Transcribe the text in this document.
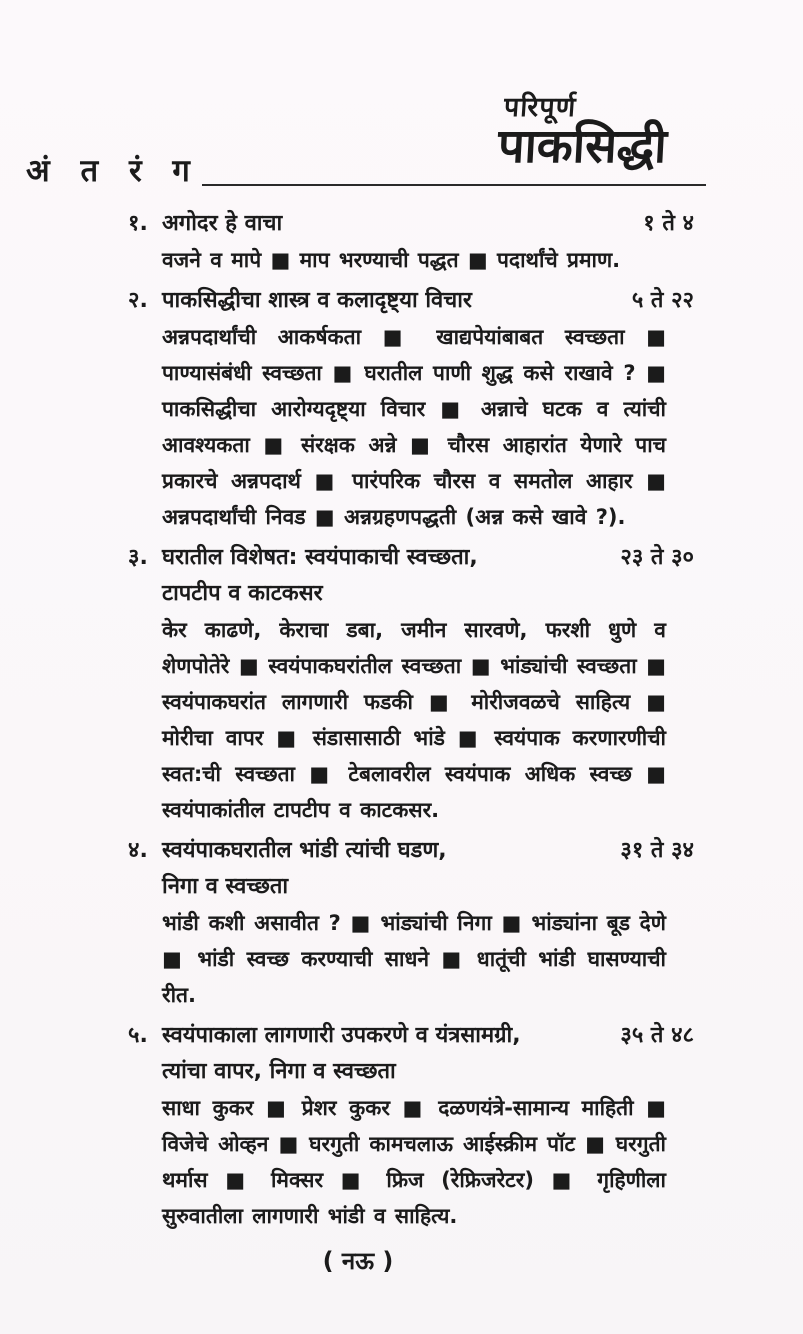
परिपूर्ण
पाकसिद्धी
अं त रं ग
१. अगोदर हे वाचा	१ ते ४
वजने व मापे ■ माप भरण्याची पद्धत ■ पदार्थांचे प्रमाण.
२. पाकसिद्धीचा शास्त्र व कलादृष्ट्या विचार	५ ते २२
अन्नपदार्थांची आकर्षकता ■ खाद्यपेयांबाबत स्वच्छता ■ पाण्यासंबंधी स्वच्छता ■ घरातील पाणी शुद्ध कसे राखावे ? ■ पाकसिद्धीचा आरोग्यदृष्ट्या विचार ■ अन्नाचे घटक व त्यांची आवश्यकता ■ संरक्षक अन्ने ■ चौरस आहारांत येणारे पाच प्रकारचे अन्नपदार्थ ■ पारंपरिक चौरस व समतोल आहार ■ अन्नपदार्थांची निवड ■ अन्नग्रहणपद्धती (अन्न कसे खावे ?).
३. घरातील विशेषत: स्वयंपाकाची स्वच्छता,	२३ ते ३०
टापटीप व काटकसर
केर काढणे, केराचा डबा, जमीन सारवणे, फरशी धुणे व शेणपोतेरे ■ स्वयंपाकघरांतील स्वच्छता ■ भांड्यांची स्वच्छता ■ स्वयंपाकघरांत लागणारी फडकी ■ मोरीजवळचे साहित्य ■ मोरीचा वापर ■ संडासासाठी भांडे ■ स्वयंपाक करणारणीची स्वत:ची स्वच्छता ■ टेबलावरील स्वयंपाक अधिक स्वच्छ ■ स्वयंपाकांतील टापटीप व काटकसर.
४. स्वयंपाकघरातील भांडी त्यांची घडण,	३१ ते ३४
निगा व स्वच्छता
भांडी कशी असावीत ? ■ भांड्यांची निगा ■ भांड्यांना बूड देणे ■ भांडी स्वच्छ करण्याची साधने ■ धातूंची भांडी घासण्याची रीत.
५. स्वयंपाकाला लागणारी उपकरणे व यंत्रसामग्री,	३५ ते ४८
त्यांचा वापर, निगा व स्वच्छता
साधा कुकर ■ प्रेशर कुकर ■ दळणयंत्रे-सामान्य माहिती ■ विजेचे ओव्हन ■ घरगुती कामचलाऊ आईस्क्रीम पॉट ■ घरगुती थर्मास ■ मिक्सर ■ फ्रिज (रेफ्रिजरेटर) ■ गृहिणीला सुरुवातीला लागणारी भांडी व साहित्य.
( नऊ )
